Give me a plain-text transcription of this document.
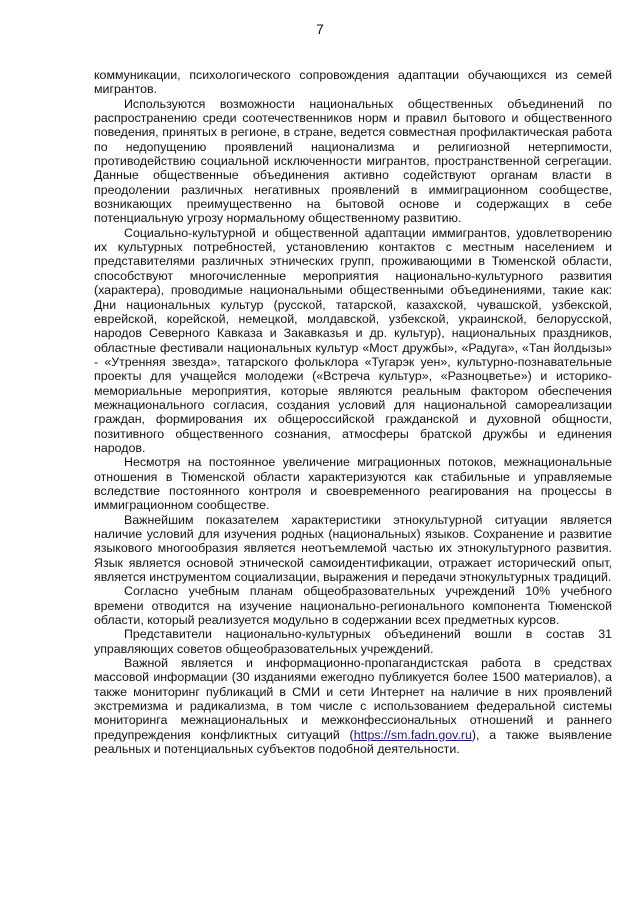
7

коммуникации, психологического сопровождения адаптации обучающихся из семей мигрантов.

Используются возможности национальных общественных объединений по распространению среди соотечественников норм и правил бытового и общественного поведения, принятых в регионе, в стране, ведется совместная профилактическая работа по недопущению проявлений национализма и религиозной нетерпимости, противодействию социальной исключенности мигрантов, пространственной сегрегации. Данные общественные объединения активно содействуют органам власти в преодолении различных негативных проявлений в иммиграционном сообществе, возникающих преимущественно на бытовой основе и содержащих в себе потенциальную угрозу нормальному общественному развитию.

Социально-культурной и общественной адаптации иммигрантов, удовлетворению их культурных потребностей, установлению контактов с местным населением и представителями различных этнических групп, проживающими в Тюменской области, способствуют многочисленные мероприятия национально-культурного развития (характера), проводимые национальными общественными объединениями, такие как: Дни национальных культур (русской, татарской, казахской, чувашской, узбекской, еврейской, корейской, немецкой, молдавской, узбекской, украинской, белорусской, народов Северного Кавказа и Закавказья и др. культур), национальных праздников, областные фестивали национальных культур «Мост дружбы», «Радуга», «Тан йолдызы» - «Утренняя звезда», татарского фольклора «Тугарэк уен», культурно-познавательные проекты для учащейся молодежи («Встреча культур», «Разноцветье») и историко-мемориальные мероприятия, которые являются реальным фактором обеспечения межнационального согласия, создания условий для национальной самореализации граждан, формирования их общероссийской гражданской и духовной общности, позитивного общественного сознания, атмосферы братской дружбы и единения народов.

Несмотря на постоянное увеличение миграционных потоков, межнациональные отношения в Тюменской области характеризуются как стабильные и управляемые вследствие постоянного контроля и своевременного реагирования на процессы в иммиграционном сообществе.

Важнейшим показателем характеристики этнокультурной ситуации является наличие условий для изучения родных (национальных) языков. Сохранение и развитие языкового многообразия является неотъемлемой частью их этнокультурного развития. Язык является основой этнической самоидентификации, отражает исторический опыт, является инструментом социализации, выражения и передачи этнокультурных традиций.

Согласно учебным планам общеобразовательных учреждений 10% учебного времени отводится на изучение национально-регионального компонента Тюменской области, который реализуется модульно в содержании всех предметных курсов.

Представители национально-культурных объединений вошли в состав 31 управляющих советов общеобразовательных учреждений.

Важной является и информационно-пропагандистская работа в средствах массовой информации (30 изданиями ежегодно публикуется более 1500 материалов), а также мониторинг публикаций в СМИ и сети Интернет на наличие в них проявлений экстремизма и радикализма, в том числе с использованием федеральной системы мониторинга межнациональных и межконфессиональных отношений и раннего предупреждения конфликтных ситуаций (https://sm.fadn.gov.ru), а также выявление реальных и потенциальных субъектов подобной деятельности.
